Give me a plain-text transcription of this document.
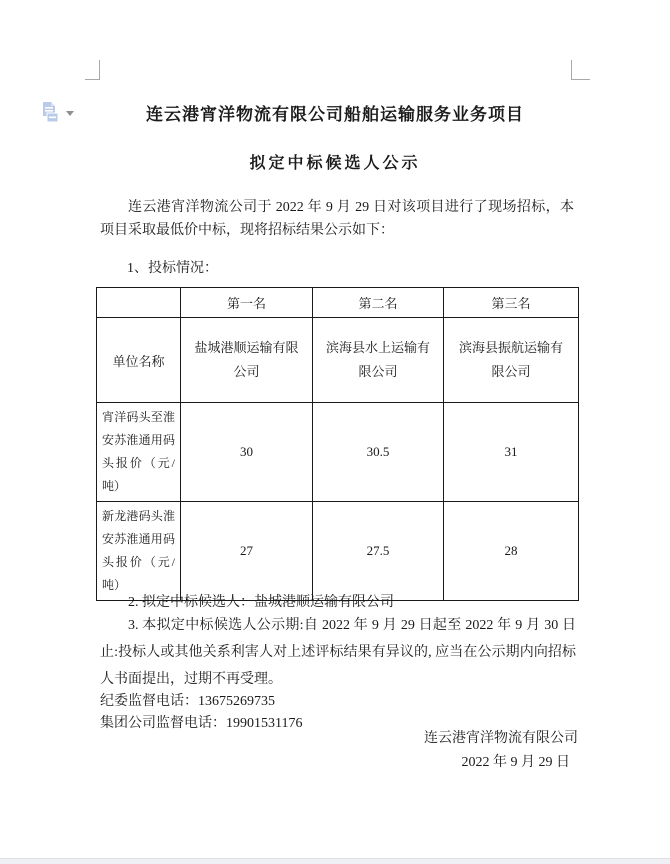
连云港宵洋物流有限公司船舶运输服务业务项目
拟定中标候选人公示
连云港宵洋物流公司于 2022 年 9 月 29 日对该项目进行了现场招标，本项目采取最低价中标，现将招标结果公示如下：
1、投标情况：
	第一名	第二名	第三名
单位名称	盐城港顺运输有限公司	滨海县水上运输有限公司	滨海县振航运输有限公司
宵洋码头至淮安苏淮通用码头报价（元/吨）	30	30.5	31
新龙港码头淮安苏淮通用码头报价（元/吨）	27	27.5	28
2. 拟定中标候选人：盐城港顺运输有限公司
3. 本拟定中标候选人公示期:自 2022 年 9 月 29 日起至 2022 年 9 月 30 日止:投标人或其他关系利害人对上述评标结果有异议的, 应当在公示期内向招标人书面提出，过期不再受理。
纪委监督电话：13675269735
集团公司监督电话：19901531176
连云港宵洋物流有限公司
2022 年 9 月 29 日
